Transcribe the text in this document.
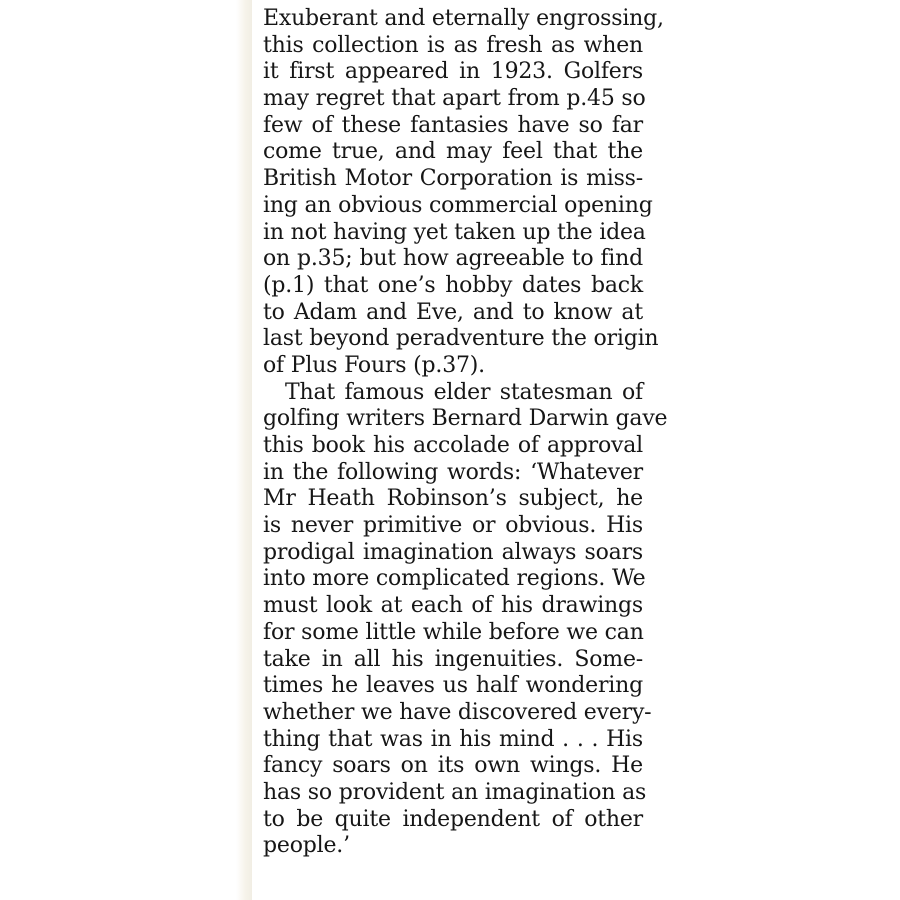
Exuberant and eternally engrossing,
this collection is as fresh as when
it first appeared in 1923. Golfers
may regret that apart from p.45 so
few of these fantasies have so far
come true, and may feel that the
British Motor Corporation is miss-
ing an obvious commercial opening
in not having yet taken up the idea
on p.35; but how agreeable to find
(p.1) that one’s hobby dates back
to Adam and Eve, and to know at
last beyond peradventure the origin
of Plus Fours (p.37).
That famous elder statesman of
golfing writers Bernard Darwin gave
this book his accolade of approval
in the following words: ‘Whatever
Mr Heath Robinson’s subject, he
is never primitive or obvious. His
prodigal imagination always soars
into more complicated regions. We
must look at each of his drawings
for some little while before we can
take in all his ingenuities. Some-
times he leaves us half wondering
whether we have discovered every-
thing that was in his mind . . . His
fancy soars on its own wings. He
has so provident an imagination as
to be quite independent of other
people.’
